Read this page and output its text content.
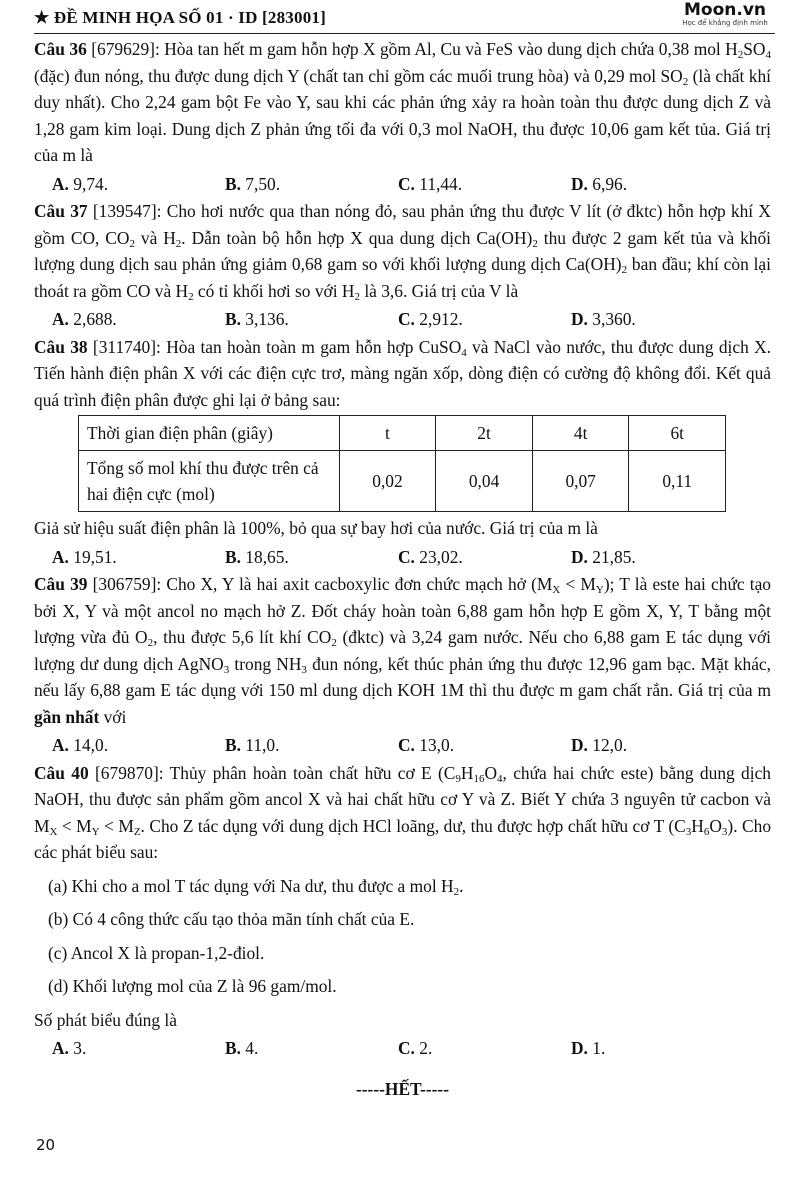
★ ĐỀ MINH HỌA SỐ 01 · ID [283001]	Moon.vn
Học để khẳng định mình

Câu 36 [679629]: Hòa tan hết m gam hỗn hợp X gồm Al, Cu và FeS vào dung dịch chứa 0,38 mol $H_2SO_4$ (đặc) đun nóng, thu được dung dịch Y (chất tan chỉ gồm các muối trung hòa) và 0,29 mol $SO_2$ (là chất khí duy nhất). Cho 2,24 gam bột Fe vào Y, sau khi các phản ứng xảy ra hoàn toàn thu được dung dịch Z và 1,28 gam kim loại. Dung dịch Z phản ứng tối đa với 0,3 mol NaOH, thu được 10,06 gam kết tủa. Giá trị của m là

A. 9,74.	B. 7,50.	C. 11,44.	D. 6,96.

Câu 37 [139547]: Cho hơi nước qua than nóng đỏ, sau phản ứng thu được V lít (ở đktc) hỗn hợp khí X gồm CO, $CO_2$ và $H_2$. Dẫn toàn bộ hỗn hợp X qua dung dịch $Ca(OH)_2$ thu được 2 gam kết tủa và khối lượng dung dịch sau phản ứng giảm 0,68 gam so với khối lượng dung dịch $Ca(OH)_2$ ban đầu; khí còn lại thoát ra gồm CO và $H_2$ có tỉ khối hơi so với $H_2$ là 3,6. Giá trị của V là

A. 2,688.	B. 3,136.	C. 2,912.	D. 3,360.

Câu 38 [311740]: Hòa tan hoàn toàn m gam hỗn hợp CuSO$_4$ và NaCl vào nước, thu được dung dịch X. Tiến hành điện phân X với các điện cực trơ, màng ngăn xốp, dòng điện có cường độ không đổi. Kết quả quá trình điện phân được ghi lại ở bảng sau:

Thời gian điện phân (giây)	t	2t	4t	6t
Tổng số mol khí thu được trên cả hai điện cực (mol)	0,02	0,04	0,07	0,11

Giả sử hiệu suất điện phân là 100%, bỏ qua sự bay hơi của nước. Giá trị của m là

A. 19,51.	B. 18,65.	C. 23,02.	D. 21,85.

Câu 39 [306759]: Cho X, Y là hai axit cacboxylic đơn chức mạch hở $(M_X < M_Y)$; T là este hai chức tạo bởi X, Y và một ancol no mạch hở Z. Đốt cháy hoàn toàn 6,88 gam hỗn hợp E gồm X, Y, T bằng một lượng vừa đủ $O_2$, thu được 5,6 lít khí $CO_2$ (đktc) và 3,24 gam nước. Nếu cho 6,88 gam E tác dụng với lượng dư dung dịch AgNO$_3$ trong $NH_3$ đun nóng, kết thúc phản ứng thu được 12,96 gam bạc. Mặt khác, nếu lấy 6,88 gam E tác dụng với 150 ml dung dịch KOH 1M thì thu được m gam chất rắn. Giá trị của m gần nhất với

A. 14,0.	B. 11,0.	C. 13,0.	D. 12,0.

Câu 40 [679870]: Thủy phân hoàn toàn chất hữu cơ E ($C_9H_{16}O_4$, chứa hai chức este) bằng dung dịch NaOH, thu được sản phẩm gồm ancol X và hai chất hữu cơ Y và Z. Biết Y chứa 3 nguyên tử cacbon và $M_X < M_Y < M_Z$. Cho Z tác dụng với dung dịch HCl loãng, dư, thu được hợp chất hữu cơ T $(C_3H_6O_3)$. Cho các phát biểu sau:

(a) Khi cho a mol T tác dụng với Na dư, thu được a mol $H_2$.

(b) Có 4 công thức cấu tạo thỏa mãn tính chất của E.

(c) Ancol X là propan-1,2-điol.

(d) Khối lượng mol của Z là 96 gam/mol.

Số phát biểu đúng là

A. 3.	B. 4.	C. 2.	D. 1.
-----HẾT-----
20
